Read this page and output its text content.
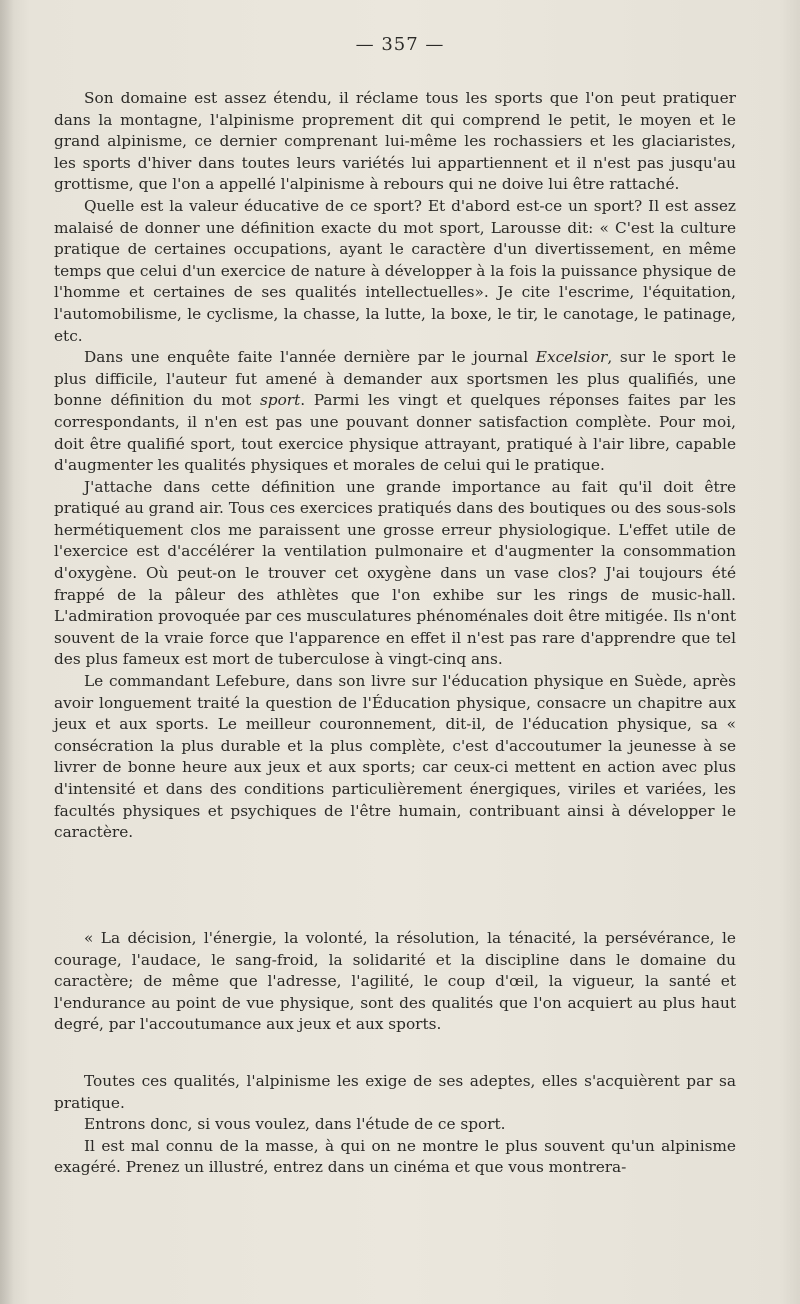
— 357 —

Son domaine est assez étendu, il réclame tous les sports que l'on peut pratiquer dans la montagne, l'alpinisme proprement dit qui comprend le petit, le moyen et le grand alpinisme, ce dernier comprenant lui-même les rochassiers et les glaciaristes, les sports d'hiver dans toutes leurs variétés lui appartiennent et il n'est pas jusqu'au grottisme, que l'on a appellé l'alpinisme à rebours qui ne doive lui être rattaché.

Quelle est la valeur éducative de ce sport? Et d'abord est-ce un sport? Il est assez malaisé de donner une définition exacte du mot sport, Larousse dit: « C'est la culture pratique de certaines occupations, ayant le caractère d'un divertissement, en même temps que celui d'un exercice de nature à développer à la fois la puissance physique de l'homme et certaines de ses qualités intellectuelles». Je cite l'escrime, l'équitation, l'automobilisme, le cyclisme, la chasse, la lutte, la boxe, le tir, le canotage, le patinage, etc.

Dans une enquête faite l'année dernière par le journal Excelsior, sur le sport le plus difficile, l'auteur fut amené à demander aux sportsmen les plus qualifiés, une bonne définition du mot sport. Parmi les vingt et quelques réponses faites par les correspondants, il n'en est pas une pouvant donner satisfaction complète. Pour moi, doit être qualifié sport, tout exercice physique attrayant, pratiqué à l'air libre, capable d'augmenter les qualités physiques et morales de celui qui le pratique.

J'attache dans cette définition une grande importance au fait qu'il doit être pratiqué au grand air. Tous ces exercices pratiqués dans des boutiques ou des sous-sols hermétiquement clos me paraissent une grosse erreur physiologique. L'effet utile de l'exercice est d'accélérer la ventilation pulmonaire et d'augmenter la consommation d'oxygène. Où peut-on le trouver cet oxygène dans un vase clos? J'ai toujours été frappé de la pâleur des athlètes que l'on exhibe sur les rings de music-hall. L'admiration provoquée par ces musculatures phénoménales doit être mitigée. Ils n'ont souvent de la vraie force que l'apparence en effet il n'est pas rare d'apprendre que tel des plus fameux est mort de tuberculose à vingt-cinq ans.

Le commandant Lefebure, dans son livre sur l'éducation physique en Suède, après avoir longuement traité la question de l'Éducation physique, consacre un chapitre aux jeux et aux sports. Le meilleur couronnement, dit-il, de l'éducation physique, sa « consécration la plus durable et la plus complète, c'est d'accoutumer la jeunesse à se livrer de bonne heure aux jeux et aux sports; car ceux-ci mettent en action avec plus d'intensité et dans des conditions particulièrement énergiques, viriles et variées, les facultés physiques et psychiques de l'être humain, contribuant ainsi à développer le caractère.

« La décision, l'énergie, la volonté, la résolution, la ténacité, la persévérance, le courage, l'audace, le sang-froid, la solidarité et la discipline dans le domaine du caractère; de même que l'adresse, l'agilité, le coup d'œil, la vigueur, la santé et l'endurance au point de vue physique, sont des qualités que l'on acquiert au plus haut degré, par l'accoutumance aux jeux et aux sports.

Toutes ces qualités, l'alpinisme les exige de ses adeptes, elles s'acquièrent par sa pratique.

Entrons donc, si vous voulez, dans l'étude de ce sport.

Il est mal connu de la masse, à qui on ne montre le plus souvent qu'un alpinisme exagéré. Prenez un illustré, entrez dans un cinéma et que vous montrera-
